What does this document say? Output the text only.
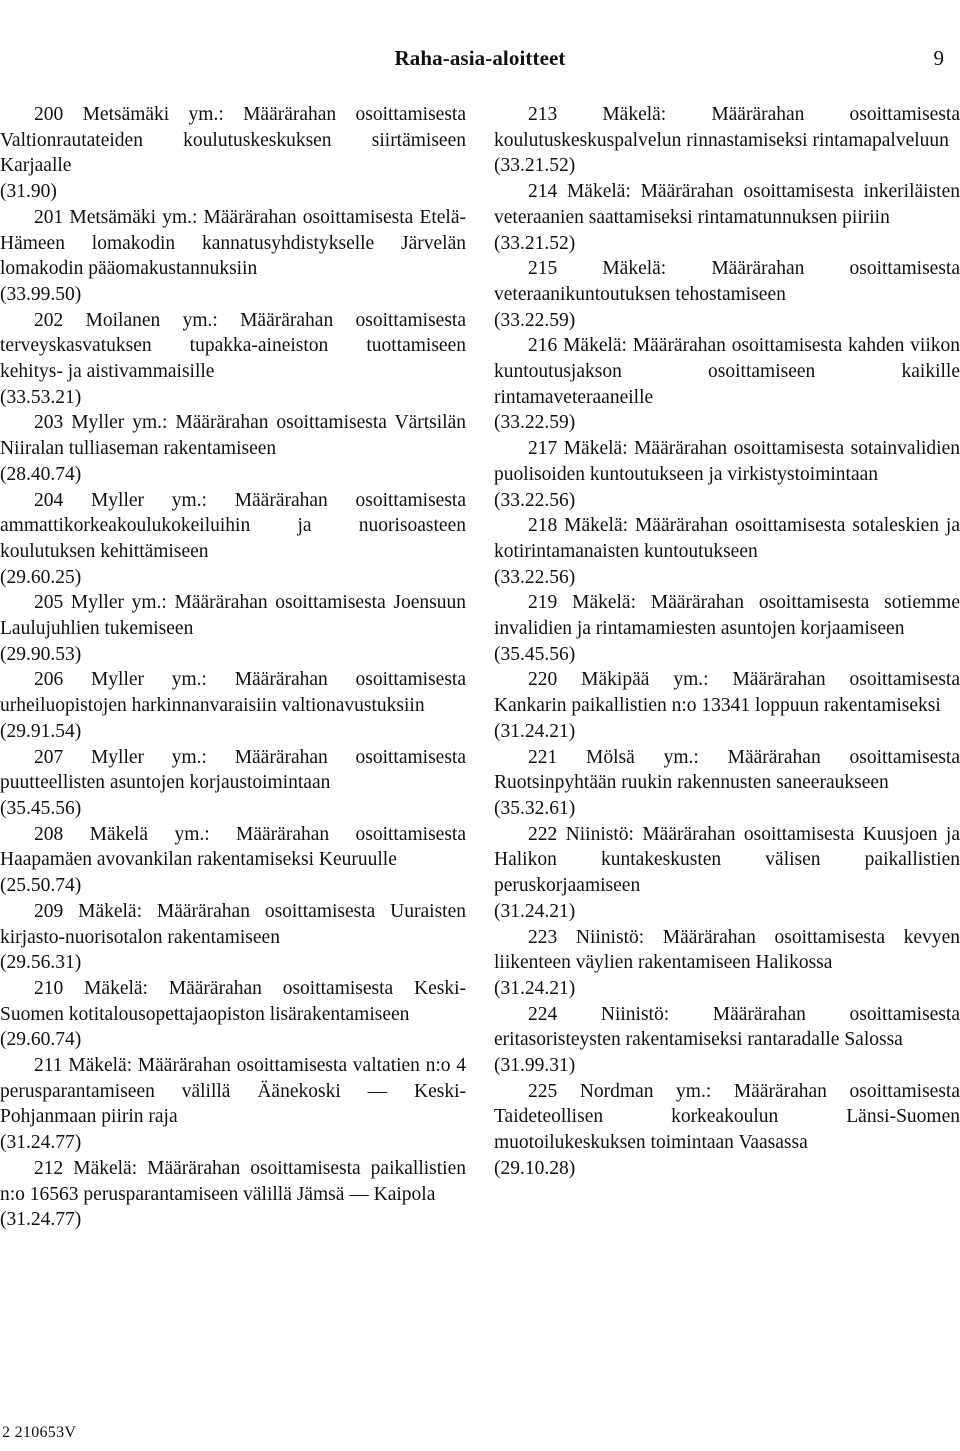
Raha-asia-aloitteet	9
200 Metsämäki ym.: Määrärahan osoittamisesta Valtionrautateiden koulutuskeskuksen siirtämiseen Karjaalle
(31.90)
201 Metsämäki ym.: Määrärahan osoittamisesta Etelä-Hämeen lomakodin kannatusyhdistykselle Järvelän lomakodin pääomakustannuksiin
(33.99.50)
202 Moilanen ym.: Määrärahan osoittamisesta terveyskasvatuksen tupakka-aineiston tuottamiseen kehitys- ja aistivammaisille
(33.53.21)
203 Myller ym.: Määrärahan osoittamisesta Värtsilän Niiralan tulliaseman rakentamiseen
(28.40.74)
204 Myller ym.: Määrärahan osoittamisesta ammattikorkeakoulukokeiluihin ja nuorisoasteen koulutuksen kehittämiseen
(29.60.25)
205 Myller ym.: Määrärahan osoittamisesta Joensuun Laulujuhlien tukemiseen
(29.90.53)
206 Myller ym.: Määrärahan osoittamisesta urheiluopistojen harkinnanvaraisiin valtionavustuksiin
(29.91.54)
207 Myller ym.: Määrärahan osoittamisesta puutteellisten asuntojen korjaustoimintaan
(35.45.56)
208 Mäkelä ym.: Määrärahan osoittamisesta Haapamäen avovankilan rakentamiseksi Keuruulle
(25.50.74)
209 Mäkelä: Määrärahan osoittamisesta Uuraisten kirjasto-nuorisotalon rakentamiseen
(29.56.31)
210 Mäkelä: Määrärahan osoittamisesta Keski-Suomen kotitalousopettajaopiston lisärakentamiseen
(29.60.74)
211 Mäkelä: Määrärahan osoittamisesta valtatien n:o 4 perusparantamiseen välillä Äänekoski — Keski-Pohjanmaan piirin raja
(31.24.77)
212 Mäkelä: Määrärahan osoittamisesta paikallistien n:o 16563 perusparantamiseen välillä Jämsä — Kaipola
(31.24.77)
213 Mäkelä: Määrärahan osoittamisesta koulutuskeskuspalvelun rinnastamiseksi rintamapalveluun
(33.21.52)
214 Mäkelä: Määrärahan osoittamisesta inkeriläisten veteraanien saattamiseksi rintamatunnuksen piiriin
(33.21.52)
215 Mäkelä: Määrärahan osoittamisesta veteraanikuntoutuksen tehostamiseen
(33.22.59)
216 Mäkelä: Määrärahan osoittamisesta kahden viikon kuntoutusjakson osoittamiseen kaikille rintamaveteraaneille
(33.22.59)
217 Mäkelä: Määrärahan osoittamisesta sotainvalidien puolisoiden kuntoutukseen ja virkistystoimintaan
(33.22.56)
218 Mäkelä: Määrärahan osoittamisesta sotaleskien ja kotirintamanaisten kuntoutukseen
(33.22.56)
219 Mäkelä: Määrärahan osoittamisesta sotiemme invalidien ja rintamamiesten asuntojen korjaamiseen
(35.45.56)
220 Mäkipää ym.: Määrärahan osoittamisesta Kankarin paikallistien n:o 13341 loppuun rakentamiseksi
(31.24.21)
221 Mölsä ym.: Määrärahan osoittamisesta Ruotsinpyhtään ruukin rakennusten saneeraukseen
(35.32.61)
222 Niinistö: Määrärahan osoittamisesta Kuusjoen ja Halikon kuntakeskusten välisen paikallistien peruskorjaamiseen
(31.24.21)
223 Niinistö: Määrärahan osoittamisesta kevyen liikenteen väylien rakentamiseen Halikossa
(31.24.21)
224 Niinistö: Määrärahan osoittamisesta eritasoristeysten rakentamiseksi rantaradalle Salossa
(31.99.31)
225 Nordman ym.: Määrärahan osoittamisesta Taideteollisen korkeakoulun Länsi-Suomen muotoilukeskuksen toimintaan Vaasassa
(29.10.28)
2 210653V
